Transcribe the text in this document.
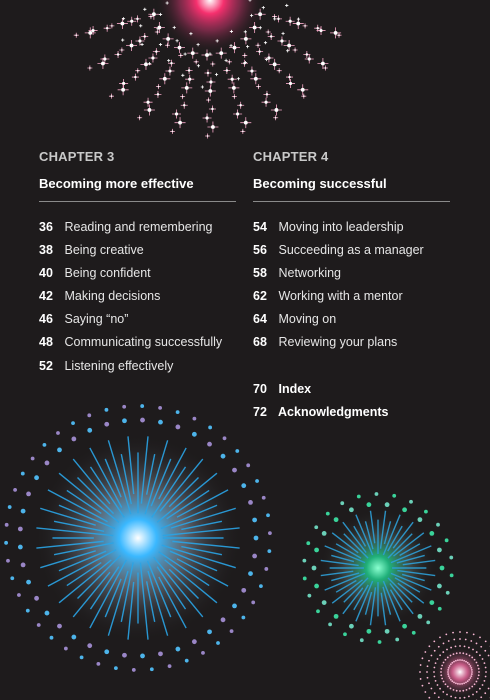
CHAPTER 3
Becoming more effective
36 Reading and remembering
38 Being creative
40 Being confident
42 Making decisions
46 Saying “no”
48 Communicating successfully
52 Listening effectively
CHAPTER 4
Becoming successful
54 Moving into leadership
56 Succeeding as a manager
58 Networking
62 Working with a mentor
64 Moving on
68 Reviewing your plans
70 Index
72 Acknowledgments
